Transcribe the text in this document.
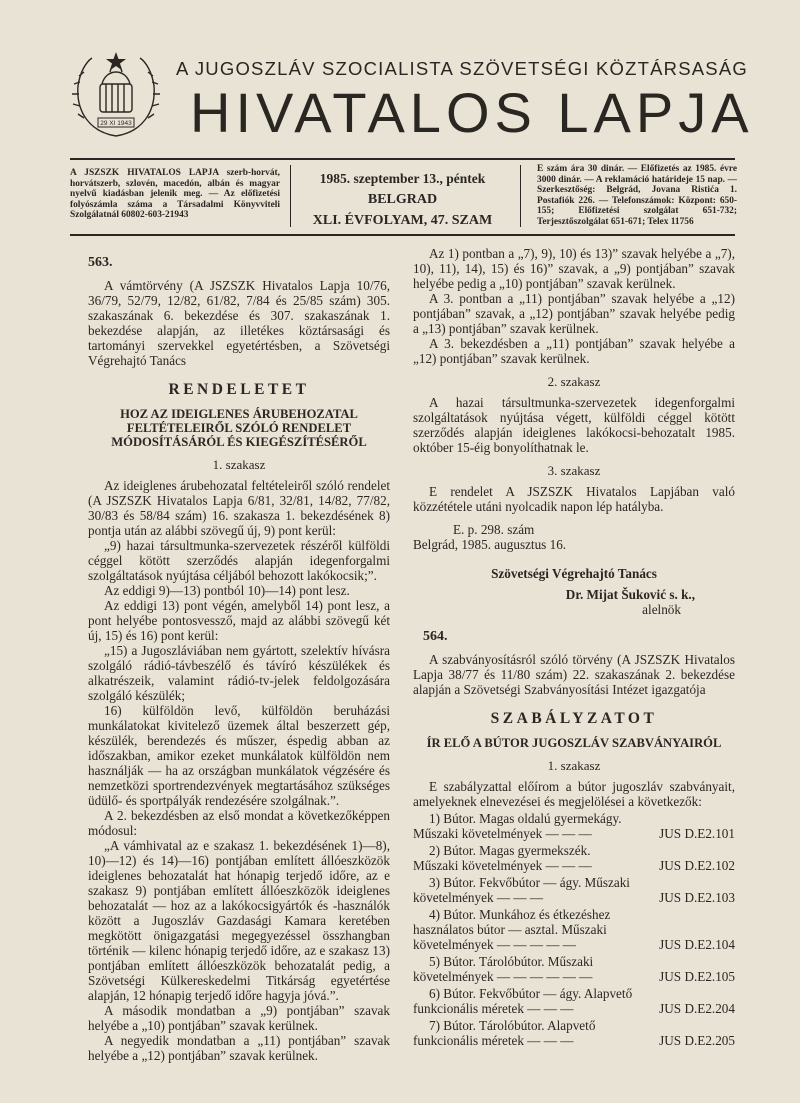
29 XI 1943
A JUGOSZLÁV SZOCIALISTA SZÖVETSÉGI KÖZTÁRSASÁG
HIVATALOS LAPJA
A JSZSZK HIVATALOS LAPJA szerb-horvát, horvátszerb, szlovén, macedón, albán és magyar nyelvű kiadásban jelenik meg. — Az előfizetési folyószámla száma a Társadalmi Könyvviteli Szolgálatnál 60802-603-21943
1985. szeptember 13., péntek
BELGRAD
XLI. ÉVFOLYAM, 47. SZAM
E szám ára 30 dinár. — Előfizetés az 1985. évre 3000 dinár. — A reklamáció határideje 15 nap. — Szerkesztőség: Belgrád, Jovana Ristića 1. Postafiók 226. — Telefonszámok: Központ: 650-155; Előfizetési szolgálat 651-732; Terjesztőszolgálat 651-671; Telex 11756
563.

A vámtörvény (A JSZSZK Hivatalos Lapja 10/76, 36/79, 52/79, 12/82, 61/82, 7/84 és 25/85 szám) 305. szakaszának 6. bekezdése és 307. szakaszának 1. bekezdése alapján, az illetékes köztársasági és tartományi szervekkel egyetértésben, a Szövetségi Végrehajtó Tanács

RENDELETET
HOZ AZ IDEIGLENES ÁRUBEHOZATAL FELTÉTELEIRŐL SZÓLÓ RENDELET MÓDOSÍTÁSÁRÓL ÉS KIEGÉSZÍTÉSÉRŐL
1. szakasz

Az ideiglenes árubehozatal feltételeiről szóló rendelet (A JSZSZK Hivatalos Lapja 6/81, 32/81, 14/82, 77/82, 30/83 és 58/84 szám) 16. szakasza 1. bekezdésének 8) pontja után az alábbi szövegű új, 9) pont kerül:

„9) hazai társultmunka-szervezetek részéről külföldi céggel kötött szerződés alapján idegenforgalmi szolgáltatások nyújtása céljából behozott lakókocsik;”.

Az eddigi 9)—13) pontból 10)—14) pont lesz.

Az eddigi 13) pont végén, amelyből 14) pont lesz, a pont helyébe pontosvessző, majd az alábbi szövegű két új, 15) és 16) pont kerül:

„15) a Jugoszláviában nem gyártott, szelektív hívásra szolgáló rádió-távbeszélő és távíró készülékek és alkatrészeik, valamint rádió-tv-jelek feldolgozására szolgáló készülék;

16) külföldön levő, külföldön beruházási munkálatokat kivitelező üzemek által beszerzett gép, készülék, berendezés és műszer, éspedig abban az időszakban, amikor ezeket munkálatok külföldön nem használják — ha az országban munkálatok végzésére és nemzetközi sportrendezvények megtartásához szükséges üdülő- és sportpályák rendezésére szolgálnak.”.

A 2. bekezdésben az első mondat a következőképpen módosul:

„A vámhivatal az e szakasz 1. bekezdésének 1)—8), 10)—12) és 14)—16) pontjában említett állóeszközök ideiglenes behozatalát hat hónapig terjedő időre, az e szakasz 9) pontjában említett állóeszközök ideiglenes behozatalát — hoz az a lakókocsigyártók és -használók között a Jugoszláv Gazdasági Kamara keretében megkötött önigazgatási megegyezéssel összhangban történik — kilenc hónapig terjedő időre, az e szakasz 13) pontjában említett állóeszközök behozatalát pedig, a Szövetségi Külkereskedelmi Titkárság egyetértése alapján, 12 hónapig terjedő időre hagyja jóvá.”.

A második mondatban a „9) pontjában” szavak helyébe a „10) pontjában” szavak kerülnek.

A negyedik mondatban a „11) pontjában” szavak helyébe a „12) pontjában” szavak kerülnek.

Az 1) pontban a „7), 9), 10) és 13)” szavak helyébe a „7), 10), 11), 14), 15) és 16)” szavak, a „9) pontjában” szavak helyébe pedig a „10) pontjában” szavak kerülnek.

A 3. pontban a „11) pontjában” szavak helyébe a „12) pontjában” szavak, a „12) pontjában” szavak helyébe pedig a „13) pontjában” szavak kerülnek.

A 3. bekezdésben a „11) pontjában” szavak helyébe a „12) pontjában” szavak kerülnek.

2. szakasz

A hazai társultmunka-szervezetek idegenforgalmi szolgáltatások nyújtása végett, külföldi céggel kötött szerződés alapján ideiglenes lakókocsi-behozatalt 1985. október 15-éig bonyolíthatnak le.

3. szakasz

E rendelet A JSZSZK Hivatalos Lapjában való közzététele utáni nyolcadik napon lép hatályba.

E. p. 298. szám

Belgrád, 1985. augusztus 16.

Szövetségi Végrehajtó Tanács
Dr. Mijat Šuković s. k.,
alelnök
564.

A szabványosításról szóló törvény (A JSZSZK Hivatalos Lapja 38/77 és 11/80 szám) 22. szakaszának 2. bekezdése alapján a Szövetségi Szabványosítási Intézet igazgatója

SZABÁLYZATOT
ÍR ELŐ A BÚTOR JUGOSZLÁV SZABVÁNYAIRÓL
1. szakasz

E szabályzattal előírom a bútor jugoszláv szabványait, amelyeknek elnevezései és megjelölései a következők:

1) Bútor. Magas oldalú gyermekágy. Műszaki követelmények — — —	JUS D.E2.101
2) Bútor. Magas gyermekszék. Műszaki követelmények — — —	JUS D.E2.102
3) Bútor. Fekvőbútor — ágy. Műszaki követelmények — — —	JUS D.E2.103
4) Bútor. Munkához és étkezéshez használatos bútor — asztal. Műszaki követelmények — — — — —	JUS D.E2.104
5) Bútor. Tárolóbútor. Műszaki követelmények — — — — — —	JUS D.E2.105
6) Bútor. Fekvőbútor — ágy. Alapvető funkcionális méretek — — —	JUS D.E2.204
7) Bútor. Tárolóbútor. Alapvető funkcionális méretek — — —	JUS D.E2.205
